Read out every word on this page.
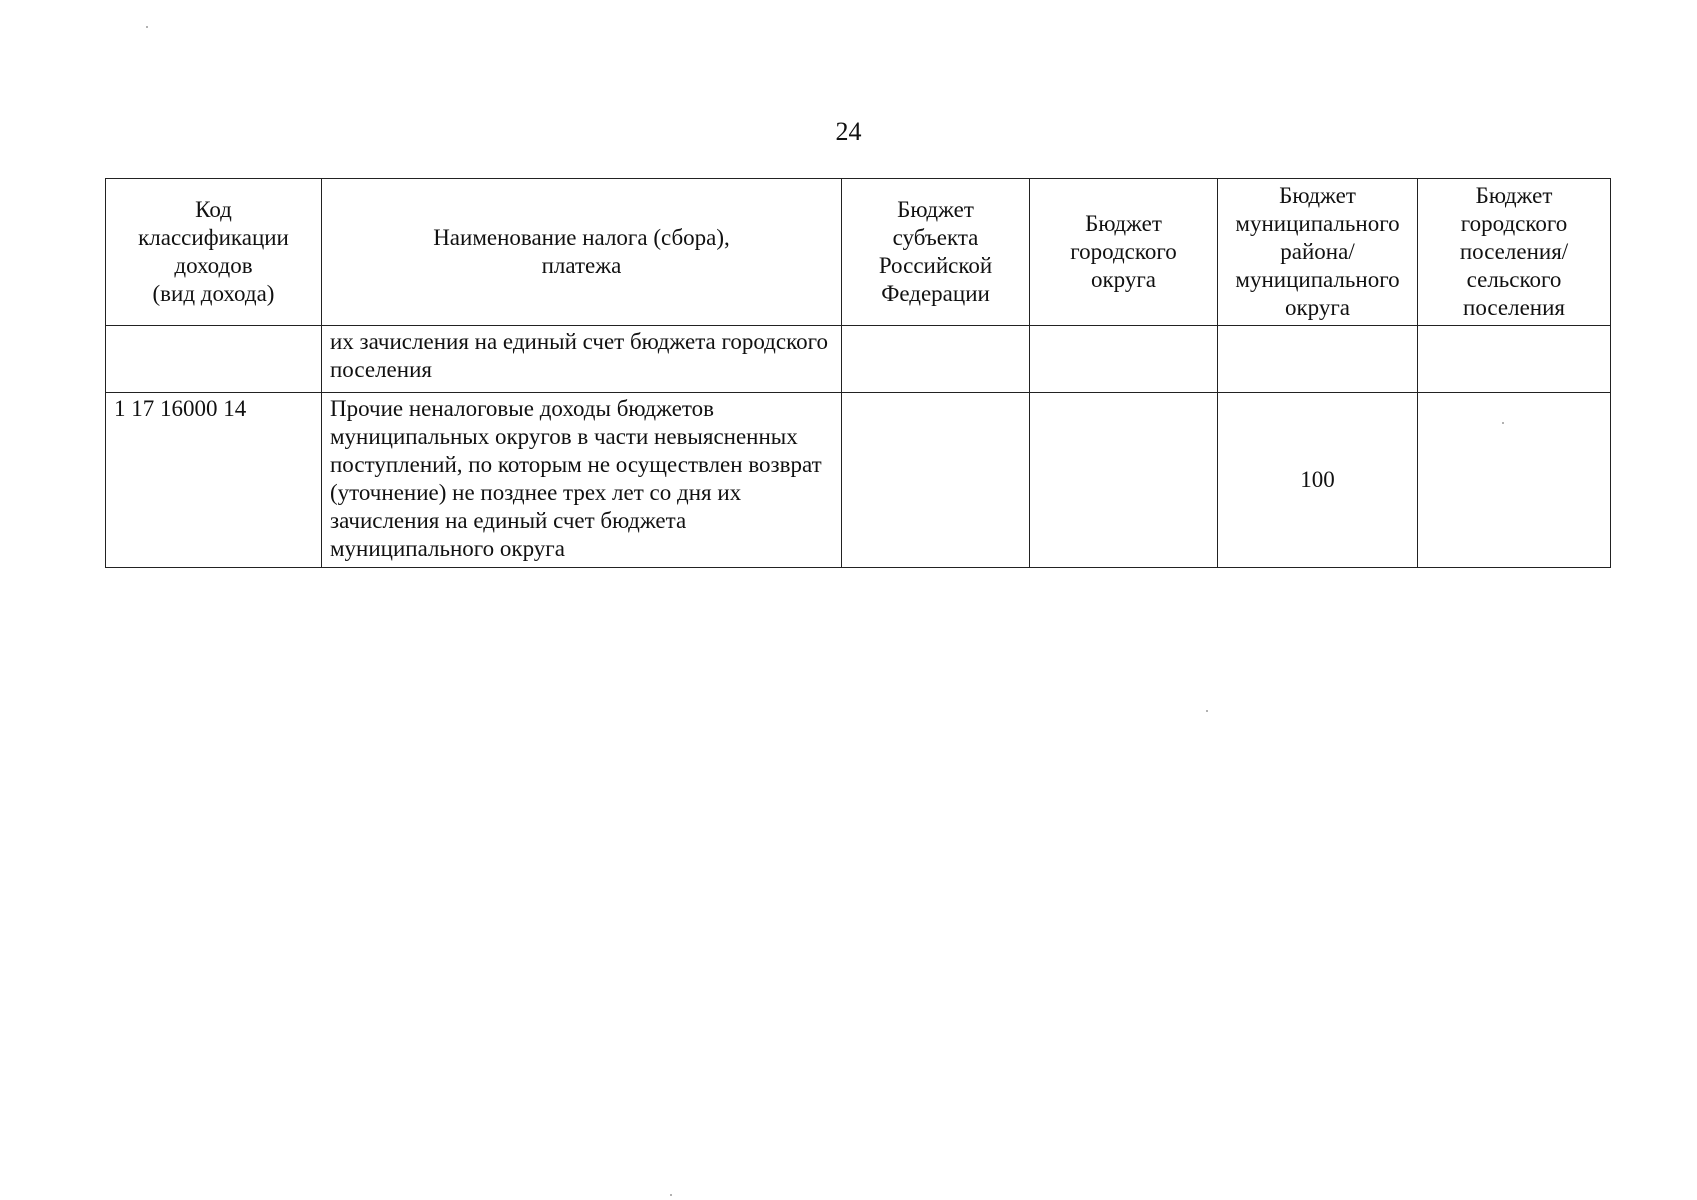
24
Код
классификации
доходов
(вид дохода)	Наименование налога (сбора),
платежа	Бюджет
субъекта
Российской
Федерации	Бюджет
городского
округа	Бюджет
муниципального
района/
муниципального
округа	Бюджет
городского
поселения/
сельского
поселения

	их зачисления на единый счет бюджета городского поселения				
1 17 16000 14	Прочие неналоговые доходы бюджетов муниципальных округов в части невыясненных поступлений, по которым не осуществлен возврат (уточнение) не позднее трех лет со дня их зачисления на единый счет бюджета муниципального округа			100	
